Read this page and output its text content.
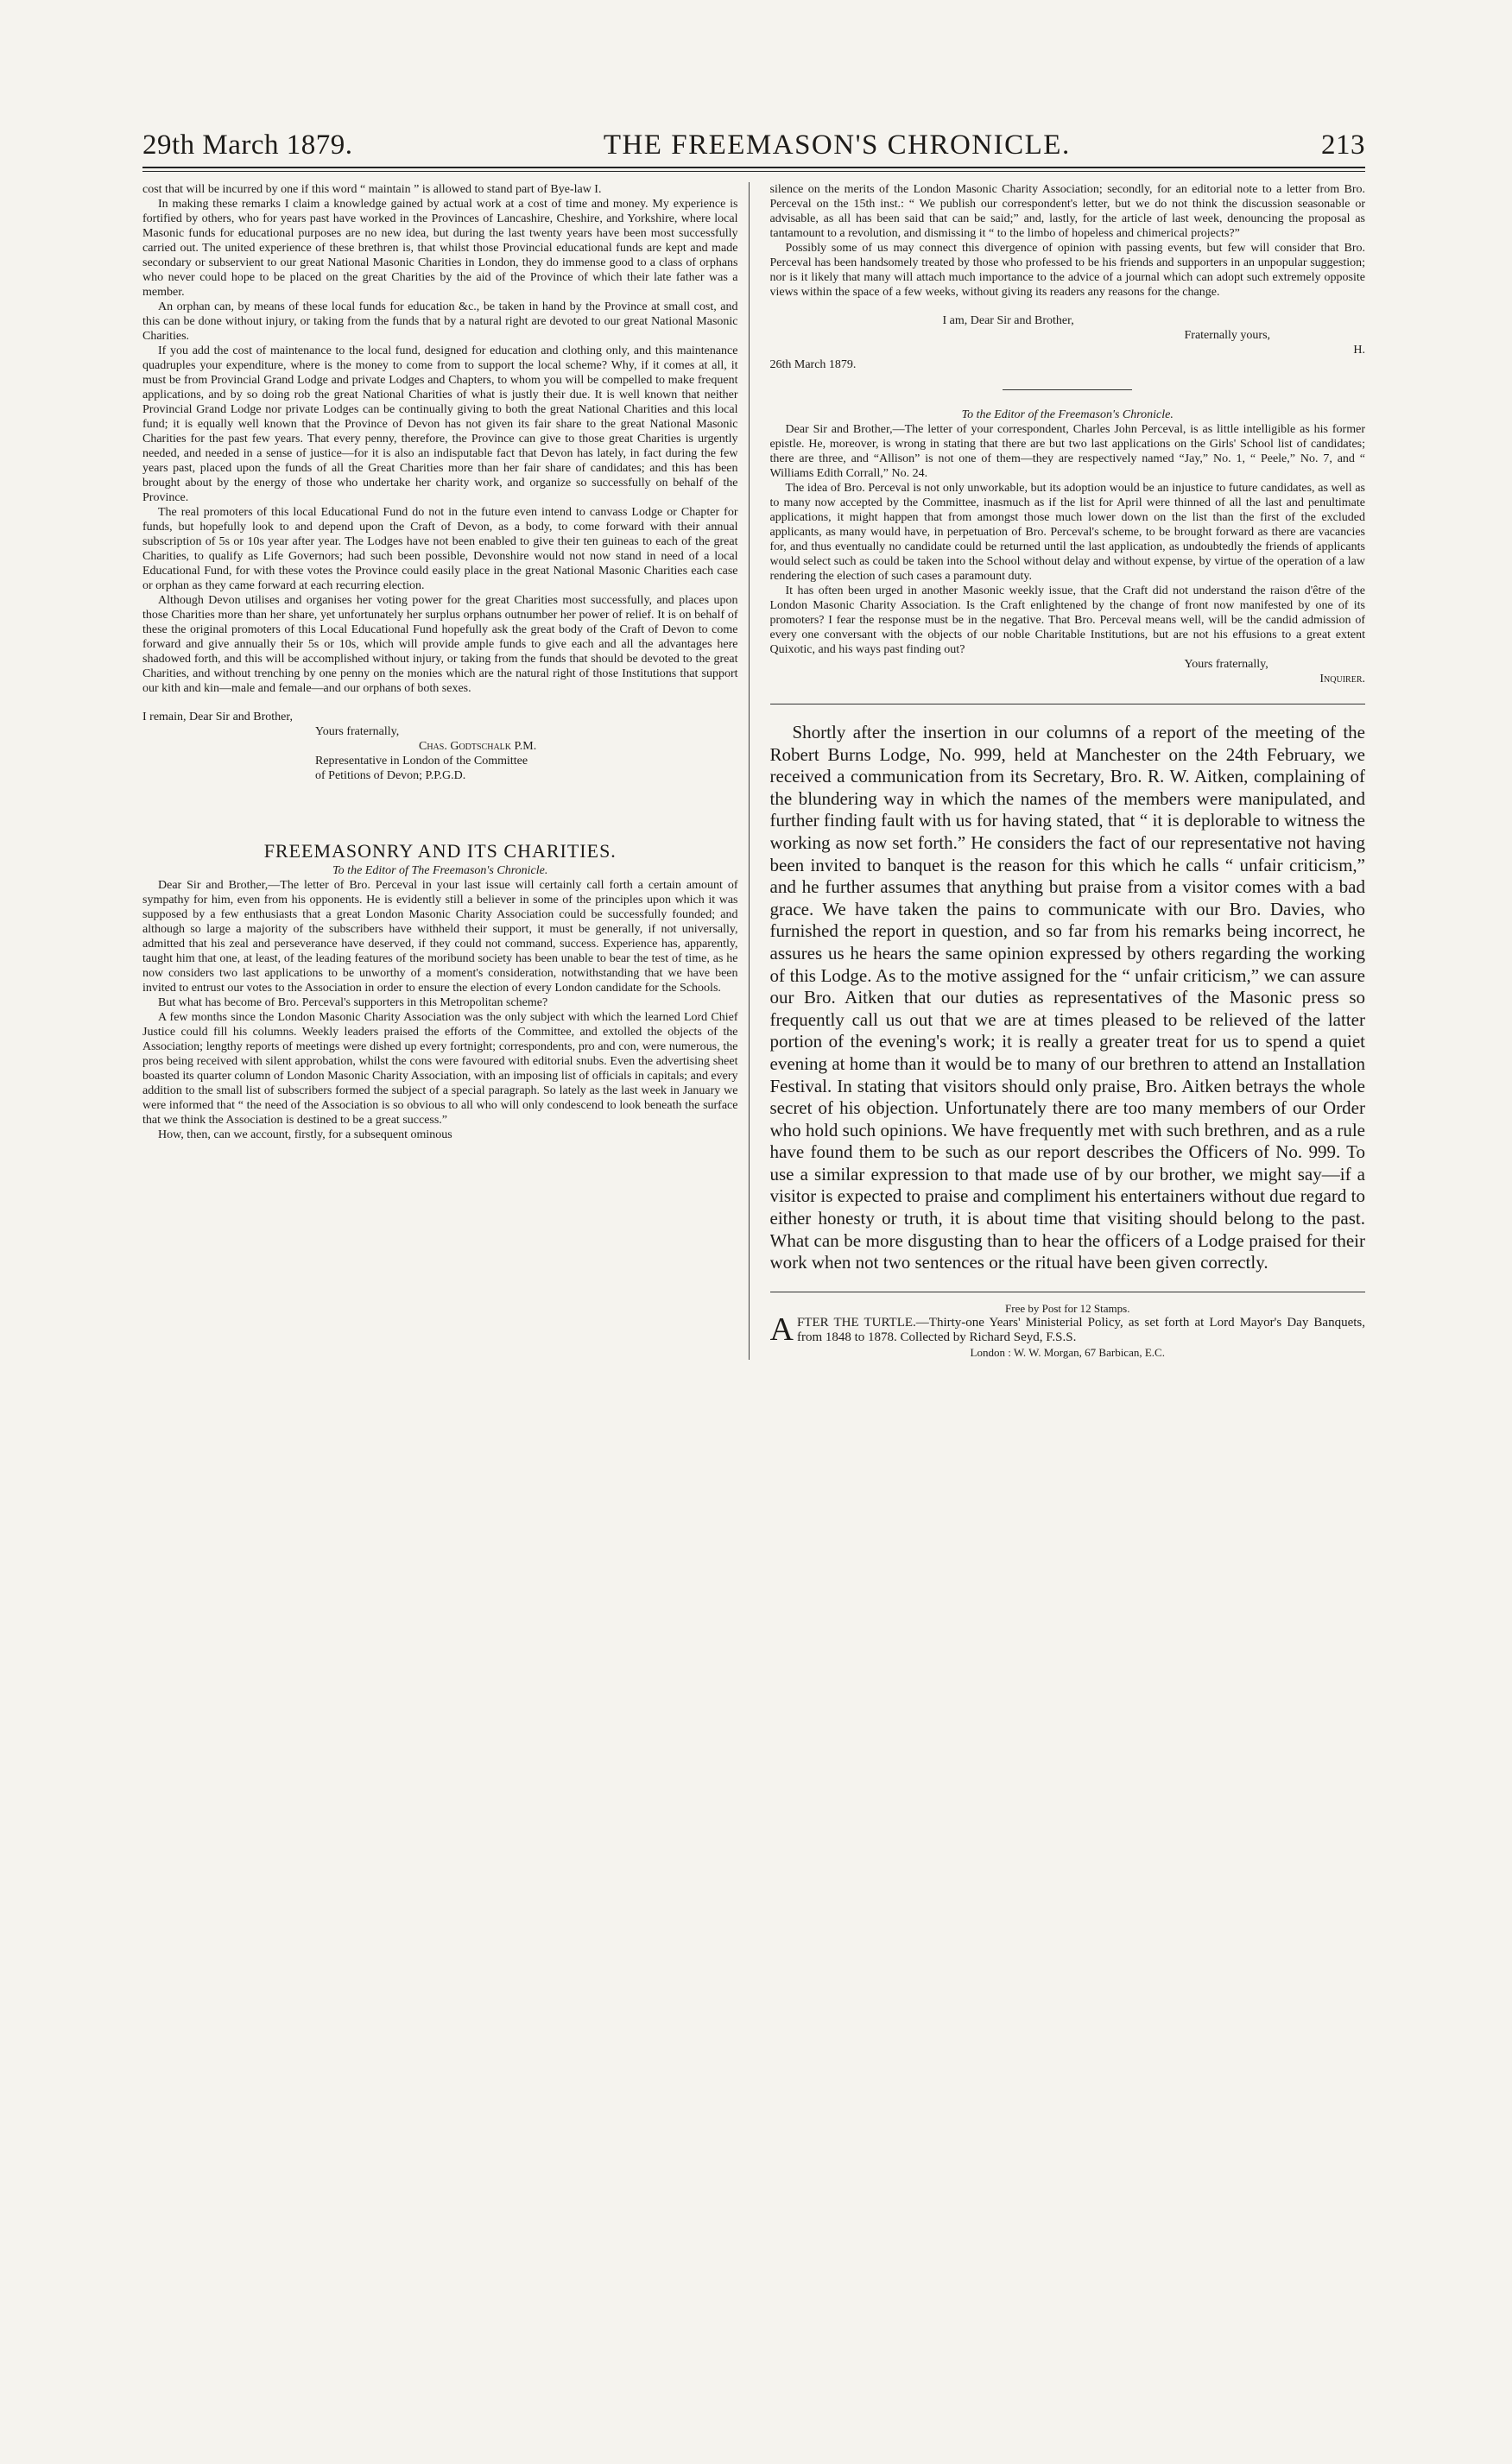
29th March 1879.	THE FREEMASON'S CHRONICLE.	213

cost that will be incurred by one if this word “ maintain ” is allowed to stand part of Bye-law I.

In making these remarks I claim a knowledge gained by actual work at a cost of time and money. My experience is fortified by others, who for years past have worked in the Provinces of Lancashire, Cheshire, and Yorkshire, where local Masonic funds for educational purposes are no new idea, but during the last twenty years have been most successfully carried out. The united experience of these brethren is, that whilst those Provincial educational funds are kept and made secondary or subservient to our great National Masonic Charities in London, they do immense good to a class of orphans who never could hope to be placed on the great Charities by the aid of the Province of which their late father was a member.

An orphan can, by means of these local funds for education &c., be taken in hand by the Province at small cost, and this can be done without injury, or taking from the funds that by a natural right are devoted to our great National Masonic Charities.

If you add the cost of maintenance to the local fund, designed for education and clothing only, and this maintenance quadruples your expenditure, where is the money to come from to support the local scheme? Why, if it comes at all, it must be from Provincial Grand Lodge and private Lodges and Chapters, to whom you will be compelled to make frequent applications, and by so doing rob the great National Charities of what is justly their due. It is well known that neither Provincial Grand Lodge nor private Lodges can be continually giving to both the great National Charities and this local fund; it is equally well known that the Province of Devon has not given its fair share to the great National Masonic Charities for the past few years. That every penny, therefore, the Province can give to those great Charities is urgently needed, and needed in a sense of justice—for it is also an indisputable fact that Devon has lately, in fact during the few years past, placed upon the funds of all the Great Charities more than her fair share of candidates; and this has been brought about by the energy of those who undertake her charity work, and organize so successfully on behalf of the Province.

The real promoters of this local Educational Fund do not in the future even intend to canvass Lodge or Chapter for funds, but hopefully look to and depend upon the Craft of Devon, as a body, to come forward with their annual subscription of 5s or 10s year after year. The Lodges have not been enabled to give their ten guineas to each of the great Charities, to qualify as Life Governors; had such been possible, Devonshire would not now stand in need of a local Educational Fund, for with these votes the Province could easily place in the great National Masonic Charities each case or orphan as they came forward at each recurring election.

Although Devon utilises and organises her voting power for the great Charities most successfully, and places upon those Charities more than her share, yet unfortunately her surplus orphans outnumber her power of relief. It is on behalf of these the original promoters of this Local Educational Fund hopefully ask the great body of the Craft of Devon to come forward and give annually their 5s or 10s, which will provide ample funds to give each and all the advantages here shadowed forth, and this will be accomplished without injury, or taking from the funds that should be devoted to the great Charities, and without trenching by one penny on the monies which are the natural right of those Institutions that support our kith and kin—male and female—and our orphans of both sexes.

I remain, Dear Sir and Brother,

Yours fraternally,

Chas. Godtschalk P.M.

Representative in London of the Committee

of Petitions of Devon; P.P.G.D.

FREEMASONRY AND ITS CHARITIES.

To the Editor of The Freemason's Chronicle.

Dear Sir and Brother,—The letter of Bro. Perceval in your last issue will certainly call forth a certain amount of sympathy for him, even from his opponents. He is evidently still a believer in some of the principles upon which it was supposed by a few enthusiasts that a great London Masonic Charity Association could be successfully founded; and although so large a majority of the subscribers have withheld their support, it must be generally, if not universally, admitted that his zeal and perseverance have deserved, if they could not command, success. Experience has, apparently, taught him that one, at least, of the leading features of the moribund society has been unable to bear the test of time, as he now considers two last applications to be unworthy of a moment's consideration, notwithstanding that we have been invited to entrust our votes to the Association in order to ensure the election of every London candidate for the Schools.

But what has become of Bro. Perceval's supporters in this Metropolitan scheme?

A few months since the London Masonic Charity Association was the only subject with which the learned Lord Chief Justice could fill his columns. Weekly leaders praised the efforts of the Committee, and extolled the objects of the Association; lengthy reports of meetings were dished up every fortnight; correspondents, pro and con, were numerous, the pros being received with silent approbation, whilst the cons were favoured with editorial snubs. Even the advertising sheet boasted its quarter column of London Masonic Charity Association, with an imposing list of officials in capitals; and every addition to the small list of subscribers formed the subject of a special paragraph. So lately as the last week in January we were informed that “ the need of the Association is so obvious to all who will only condescend to look beneath the surface that we think the Association is destined to be a great success.”

How, then, can we account, firstly, for a subsequent ominous

silence on the merits of the London Masonic Charity Association; secondly, for an editorial note to a letter from Bro. Perceval on the 15th inst.: “ We publish our correspondent's letter, but we do not think the discussion seasonable or advisable, as all has been said that can be said;” and, lastly, for the article of last week, denouncing the proposal as tantamount to a revolution, and dismissing it “ to the limbo of hopeless and chimerical projects?”

Possibly some of us may connect this divergence of opinion with passing events, but few will consider that Bro. Perceval has been handsomely treated by those who professed to be his friends and supporters in an unpopular suggestion; nor is it likely that many will attach much importance to the advice of a journal which can adopt such extremely opposite views within the space of a few weeks, without giving its readers any reasons for the change.

I am, Dear Sir and Brother,

Fraternally yours,

H.

26th March 1879.

To the Editor of the Freemason's Chronicle.

Dear Sir and Brother,—The letter of your correspondent, Charles John Perceval, is as little intelligible as his former epistle. He, moreover, is wrong in stating that there are but two last applications on the Girls' School list of candidates; there are three, and “Allison” is not one of them—they are respectively named “Jay,” No. 1, “ Peele,” No. 7, and “ Williams Edith Corrall,” No. 24.

The idea of Bro. Perceval is not only unworkable, but its adoption would be an injustice to future candidates, as well as to many now accepted by the Committee, inasmuch as if the list for April were thinned of all the last and penultimate applications, it might happen that from amongst those much lower down on the list than the first of the excluded applicants, as many would have, in perpetuation of Bro. Perceval's scheme, to be brought forward as there are vacancies for, and thus eventually no candidate could be returned until the last application, as undoubtedly the friends of applicants would select such as could be taken into the School without delay and without expense, by virtue of the operation of a law rendering the election of such cases a paramount duty.

It has often been urged in another Masonic weekly issue, that the Craft did not understand the raison d'être of the London Masonic Charity Association. Is the Craft enlightened by the change of front now manifested by one of its promoters? I fear the response must be in the negative. That Bro. Perceval means well, will be the candid admission of every one conversant with the objects of our noble Charitable Institutions, but are not his effusions to a great extent Quixotic, and his ways past finding out?

Yours fraternally,

Inquirer.

Shortly after the insertion in our columns of a report of the meeting of the Robert Burns Lodge, No. 999, held at Manchester on the 24th February, we received a communication from its Secretary, Bro. R. W. Aitken, complaining of the blundering way in which the names of the members were manipulated, and further finding fault with us for having stated, that “ it is deplorable to witness the working as now set forth.” He considers the fact of our representative not having been invited to banquet is the reason for this which he calls “ unfair criticism,” and he further assumes that anything but praise from a visitor comes with a bad grace. We have taken the pains to communicate with our Bro. Davies, who furnished the report in question, and so far from his remarks being incorrect, he assures us he hears the same opinion expressed by others regarding the working of this Lodge. As to the motive assigned for the “ unfair criticism,” we can assure our Bro. Aitken that our duties as representatives of the Masonic press so frequently call us out that we are at times pleased to be relieved of the latter portion of the evening's work; it is really a greater treat for us to spend a quiet evening at home than it would be to many of our brethren to attend an Installation Festival. In stating that visitors should only praise, Bro. Aitken betrays the whole secret of his objection. Unfortunately there are too many members of our Order who hold such opinions. We have frequently met with such brethren, and as a rule have found them to be such as our report describes the Officers of No. 999. To use a similar expression to that made use of by our brother, we might say—if a visitor is expected to praise and compliment his entertainers without due regard to either honesty or truth, it is about time that visiting should belong to the past. What can be more disgusting than to hear the officers of a Lodge praised for their work when not two sentences or the ritual have been given correctly.

Free by Post for 12 Stamps.

AFTER THE TURTLE.—Thirty-one Years' Ministerial Policy, as set forth at Lord Mayor's Day Banquets, from 1848 to 1878. Collected by Richard Seyd, F.S.S.

London : W. W. Morgan, 67 Barbican, E.C.
